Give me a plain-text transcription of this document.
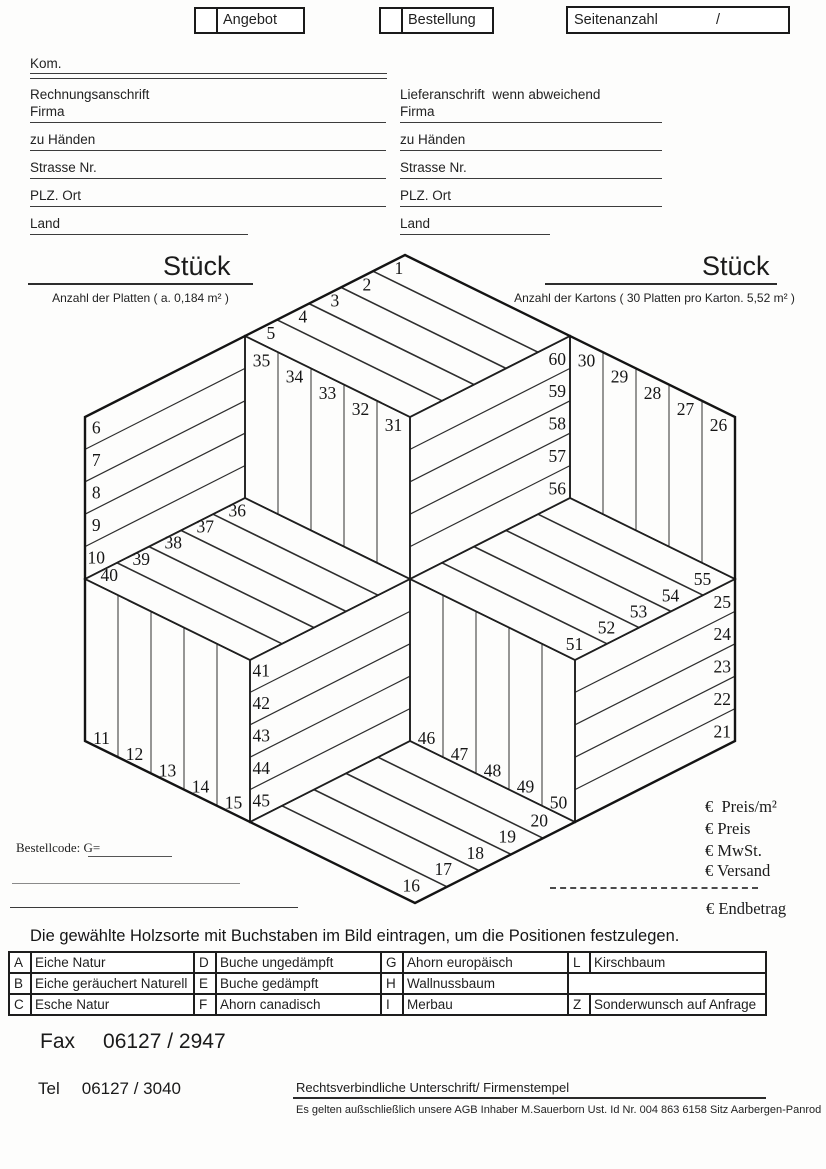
1
2
3
4
5
6
7
8
9
10
11
12
13
14
15
16
17
18
19
20
25
24
23
22
21
30
29
28
27
26
35
34
33
32
31
40
39
38
37
36
41
42
43
44
45
46
47
48
49
50
51
52
53
54
55
60
59
58
57
56
Angebot	Bestellung	Seitenanzahl	/
Kom.
Rechnungsanschrift
Firma
zu Händen
Strasse Nr.
PLZ. Ort
Land
Lieferanschrift  wenn abweichend
Firma
zu Händen
Strasse Nr.
PLZ. Ort
Land
Stück
Anzahl der Platten ( a. 0,184 m² )
Stück
Anzahl der Kartons ( 30 Platten pro Karton. 5,52 m² )
Bestellcode: G=
€  Preis/m²
€ Preis
€ MwSt.
€ Versand
€ Endbetrag
Die gewählte Holzsorte mit Buchstaben im Bild eintragen, um die Positionen festzulegen.
A	Eiche Natur	D	Buche ungedämpft	G	Ahorn europäisch	L	Kirschbaum
B	Eiche geräuchert Naturell	E	Buche gedämpft	H	Wallnussbaum		
C	Esche Natur	F	Ahorn canadisch	I	Merbau	Z	Sonderwunsch auf Anfrage
Fax 06127 / 2947
Tel 06127 / 3040	Rechtsverbindliche Unterschrift/ Firmenstempel
Es gelten außschließlich unsere AGB Inhaber M.Sauerborn Ust. Id Nr. 004 863 6158 Sitz Aarbergen-Panrod
